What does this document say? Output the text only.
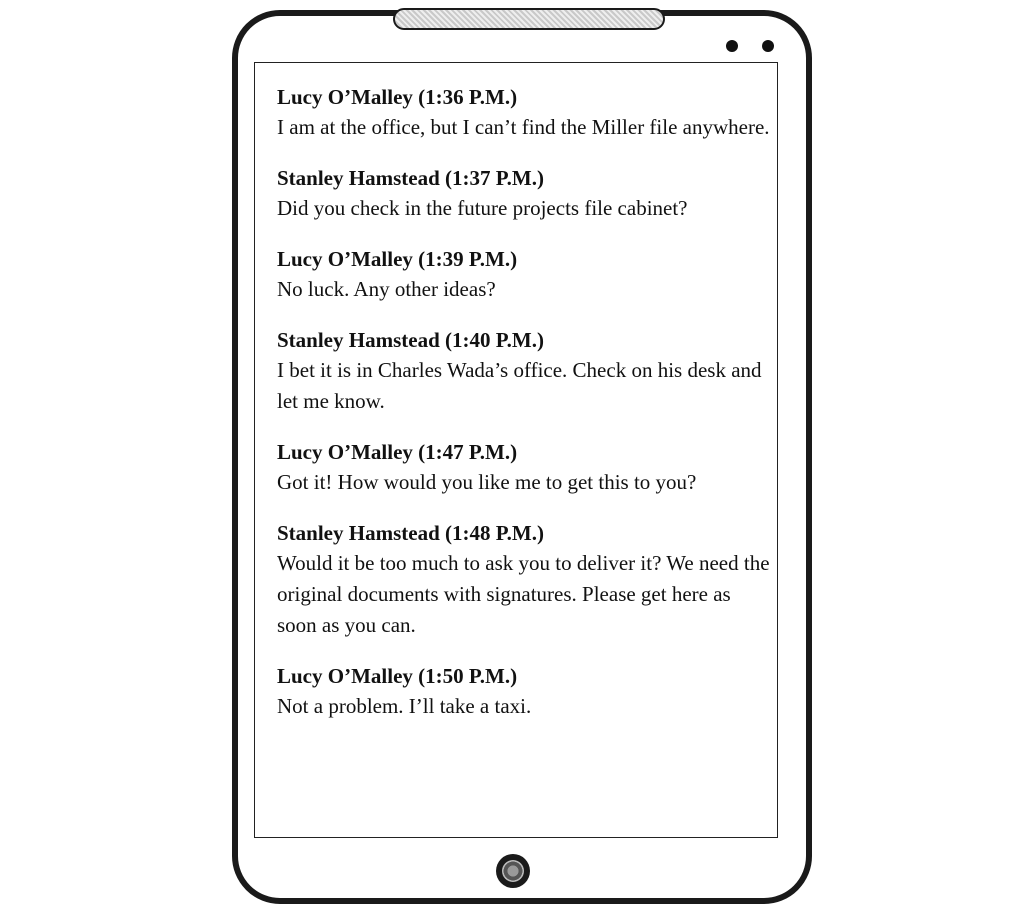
Lucy O’Malley (1:36 P.M.)
I am at the office, but I can’t find the Miller file anywhere.
Stanley Hamstead (1:37 P.M.)
Did you check in the future projects file cabinet?
Lucy O’Malley (1:39 P.M.)
No luck. Any other ideas?
Stanley Hamstead (1:40 P.M.)
I bet it is in Charles Wada’s office. Check on his desk and let me know.
Lucy O’Malley (1:47 P.M.)
Got it! How would you like me to get this to you?
Stanley Hamstead (1:48 P.M.)
Would it be too much to ask you to deliver it? We need the original documents with signatures. Please get here as soon as you can.
Lucy O’Malley (1:50 P.M.)
Not a problem. I’ll take a taxi.
